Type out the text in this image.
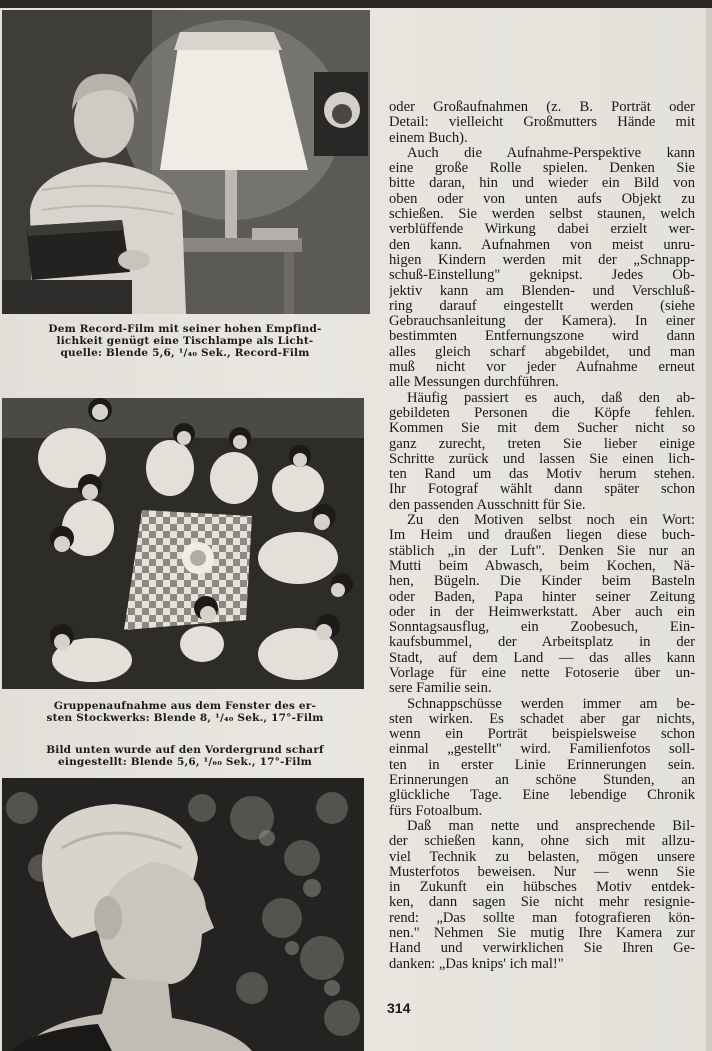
Dem Record-Film mit seiner hohen Empfind-
lichkeit genügt eine Tischlampe als Licht-
quelle: Blende 5,6, ¹/₄₀ Sek., Record-Film
Gruppenaufnahme aus dem Fenster des er-
sten Stockwerks: Blende 8, ¹/₄₀ Sek., 17°-Film
Bild unten wurde auf den Vordergrund scharf
eingestellt: Blende 5,6, ¹/₆₀ Sek., 17°-Film
oder Großaufnahmen (z. B. Porträt oder
Detail: vielleicht Großmutters Hände mit
einem Buch).
Auch die Aufnahme-Perspektive kann
eine große Rolle spielen. Denken Sie
bitte daran, hin und wieder ein Bild von
oben oder von unten aufs Objekt zu
schießen. Sie werden selbst staunen, welch
verblüffende Wirkung dabei erzielt wer-
den kann. Aufnahmen von meist unru-
higen Kindern werden mit der „Schnapp-
schuß-Einstellung" geknipst. Jedes Ob-
jektiv kann am Blenden- und Verschluß-
ring darauf eingestellt werden (siehe
Gebrauchsanleitung der Kamera). In einer
bestimmten Entfernungszone wird dann
alles gleich scharf abgebildet, und man
muß nicht vor jeder Aufnahme erneut
alle Messungen durchführen.
Häufig passiert es auch, daß den ab-
gebildeten Personen die Köpfe fehlen.
Kommen Sie mit dem Sucher nicht so
ganz zurecht, treten Sie lieber einige
Schritte zurück und lassen Sie einen lich-
ten Rand um das Motiv herum stehen.
Ihr Fotograf wählt dann später schon
den passenden Ausschnitt für Sie.
Zu den Motiven selbst noch ein Wort:
Im Heim und draußen liegen diese buch-
stäblich „in der Luft". Denken Sie nur an
Mutti beim Abwasch, beim Kochen, Nä-
hen, Bügeln. Die Kinder beim Basteln
oder Baden, Papa hinter seiner Zeitung
oder in der Heimwerkstatt. Aber auch ein
Sonntagsausflug, ein Zoobesuch, Ein-
kaufsbummel, der Arbeitsplatz in der
Stadt, auf dem Land — das alles kann
Vorlage für eine nette Fotoserie über un-
sere Familie sein.
Schnappschüsse werden immer am be-
sten wirken. Es schadet aber gar nichts,
wenn ein Porträt beispielsweise schon
einmal „gestellt" wird. Familienfotos soll-
ten in erster Linie Erinnerungen sein.
Erinnerungen an schöne Stunden, an
glückliche Tage. Eine lebendige Chronik
fürs Fotoalbum.
Daß man nette und ansprechende Bil-
der schießen kann, ohne sich mit allzu-
viel Technik zu belasten, mögen unsere
Musterfotos beweisen. Nur — wenn Sie
in Zukunft ein hübsches Motiv entdek-
ken, dann sagen Sie nicht mehr resignie-
rend: „Das sollte man fotografieren kön-
nen." Nehmen Sie mutig Ihre Kamera zur
Hand und verwirklichen Sie Ihren Ge-
danken: „Das knips' ich mal!"
314
